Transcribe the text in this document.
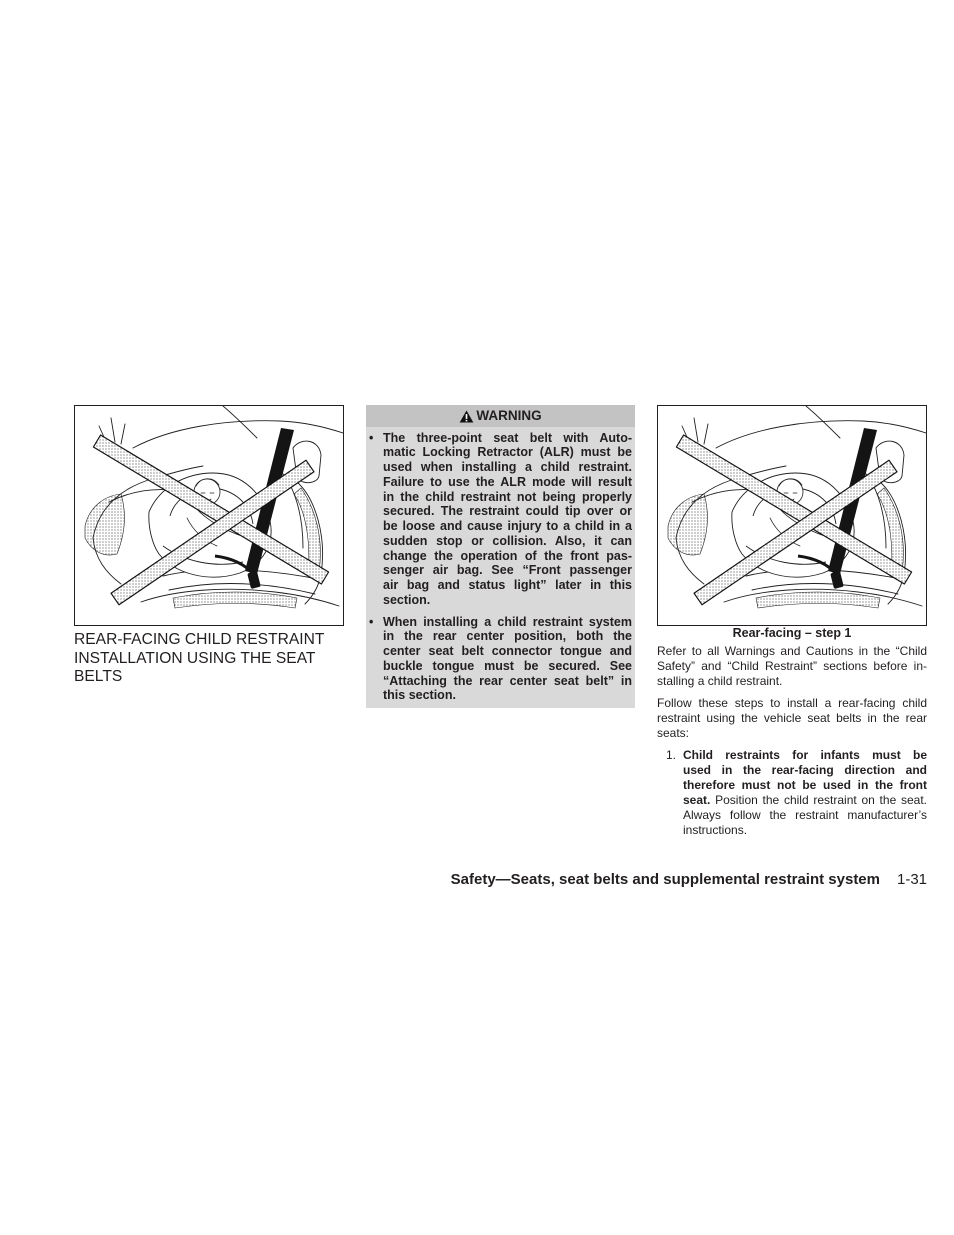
REAR-FACING CHILD RESTRAINT
INSTALLATION USING THE SEAT
BELTS
WARNING
• The three-point seat belt with Auto-
matic Locking Retractor (ALR) must be
used when installing a child restraint.
Failure to use the ALR mode will result
in the child restraint not being properly
secured. The restraint could tip over or
be loose and cause injury to a child in a
sudden stop or collision. Also, it can
change the operation of the front pas-
senger air bag. See “Front passenger
air bag and status light” later in this
section.
• When installing a child restraint system
in the rear center position, both the
center seat belt connector tongue and
buckle tongue must be secured. See
“Attaching the rear center seat belt” in
this section.
Rear-facing – step 1
Refer to all Warnings and Cautions in the “Child
Safety” and “Child Restraint” sections before in-
stalling a child restraint.
Follow these steps to install a rear-facing child
restraint using the vehicle seat belts in the rear
seats:
1. Child restraints for infants must be
used in the rear-facing direction and
therefore must not be used in the front
seat. Position the child restraint on the seat.
Always follow the restraint manufacturer’s
instructions.
Safety—Seats, seat belts and supplemental restraint system 1-31
